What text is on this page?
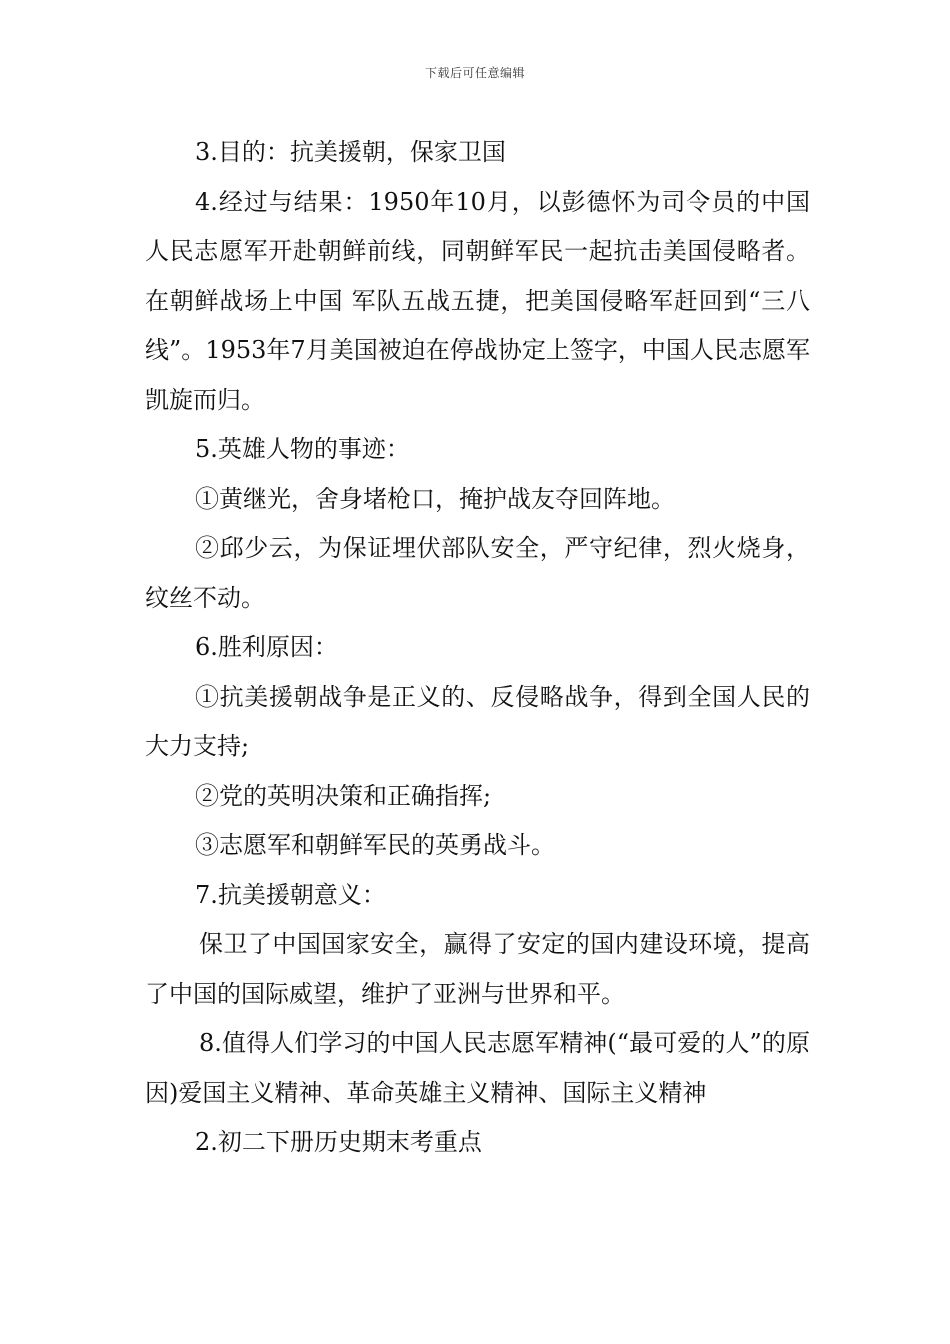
下载后可任意编辑

3.目的：抗美援朝，保家卫国

4.经过与结果：1950年10月，以彭德怀为司令员的中国人民志愿军开赴朝鲜前线，同朝鲜军民一起抗击美国侵略者。在朝鲜战场上中国 军队五战五捷，把美国侵略军赶回到“三八线”。1953年7月美国被迫在停战协定上签字，中国人民志愿军凯旋而归。

5.英雄人物的事迹：

①黄继光，舍身堵枪口，掩护战友夺回阵地。

②邱少云，为保证埋伏部队安全，严守纪律，烈火烧身，纹丝不动。

6.胜利原因：

①抗美援朝战争是正义的、反侵略战争，得到全国人民的大力支持;

②党的英明决策和正确指挥;

③志愿军和朝鲜军民的英勇战斗。

7.抗美援朝意义：

保卫了中国国家安全，赢得了安定的国内建设环境，提高了中国的国际威望，维护了亚洲与世界和平。

8.值得人们学习的中国人民志愿军精神(“最可爱的人”的原因)爱国主义精神、革命英雄主义精神、国际主义精神

2.初二下册历史期末考重点
